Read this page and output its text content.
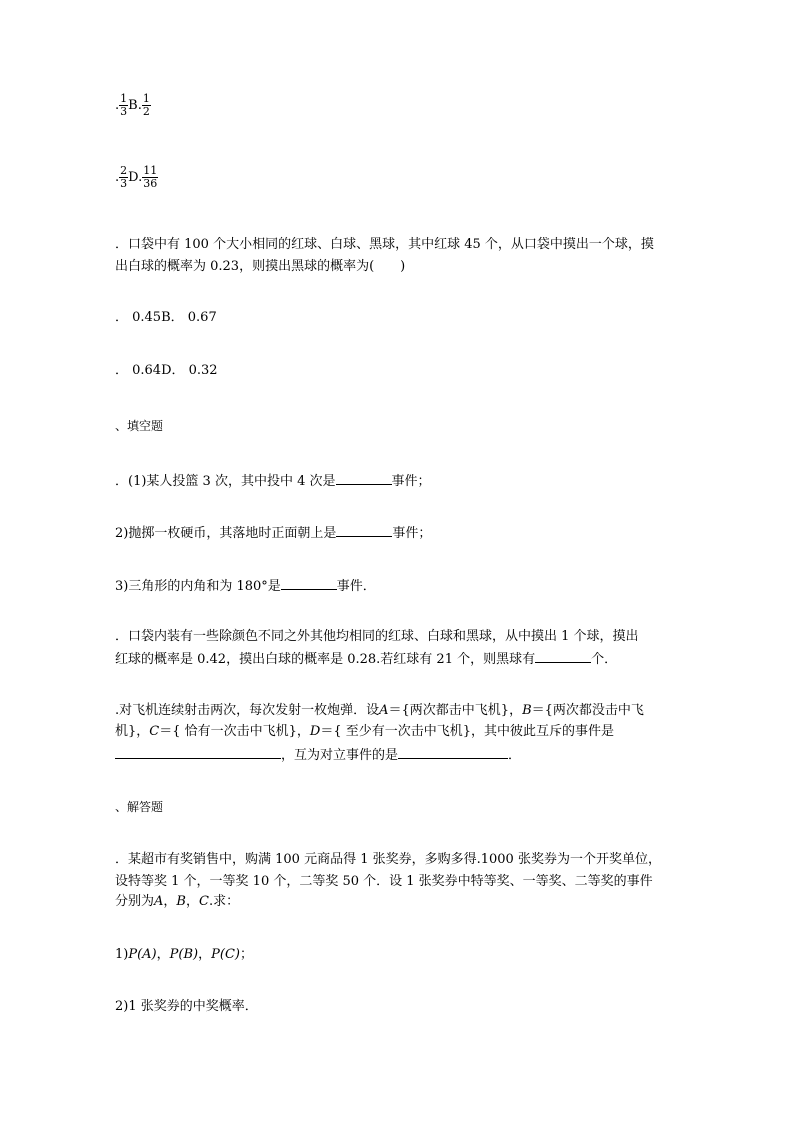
. $\frac{1}{3} B$. $\frac{1}{2}$
. $\frac{2}{3} D$. $\frac{11}{36}$
．口袋中有 100 个大小相同的红球、白球、黑球，其中红球 45 个，从口袋中摸出一个球，摸
出白球的概率为 0.23，则摸出黑球的概率为(　　)
． 0.45B． 0.67
． 0.64D． 0.32
、填空题
．(1)某人投篮 3 次，其中投中 4 次是	事件；
2)抛掷一枚硬币，其落地时正面朝上是	事件；
3)三角形的内角和为 180°是	事件．
．口袋内装有一些除颜色不同之外其他均相同的红球、白球和黑球，从中摸出 1 个球，摸出
红球的概率是 0.42，摸出白球的概率是 0.28.若红球有 21 个，则黑球有	个．
.对飞机连续射击两次，每次发射一枚炮弹．设A＝{两次都击中飞机}，B＝{两次都没击中飞
机}，C＝{ 恰有一次击中飞机}，D＝{ 至少有一次击中飞机}，其中彼此互斥的事件是
，互为对立事件的是	．
、解答题
．某超市有奖销售中，购满 100 元商品得 1 张奖券，多购多得.1000 张奖券为一个开奖单位，
设特等奖 1 个，一等奖 10 个，二等奖 50 个．设 1 张奖券中特等奖、一等奖、二等奖的事件
分别为A，B，C.求：
1)P(A)，P(B)，P(C)；
2)1 张奖券的中奖概率．
